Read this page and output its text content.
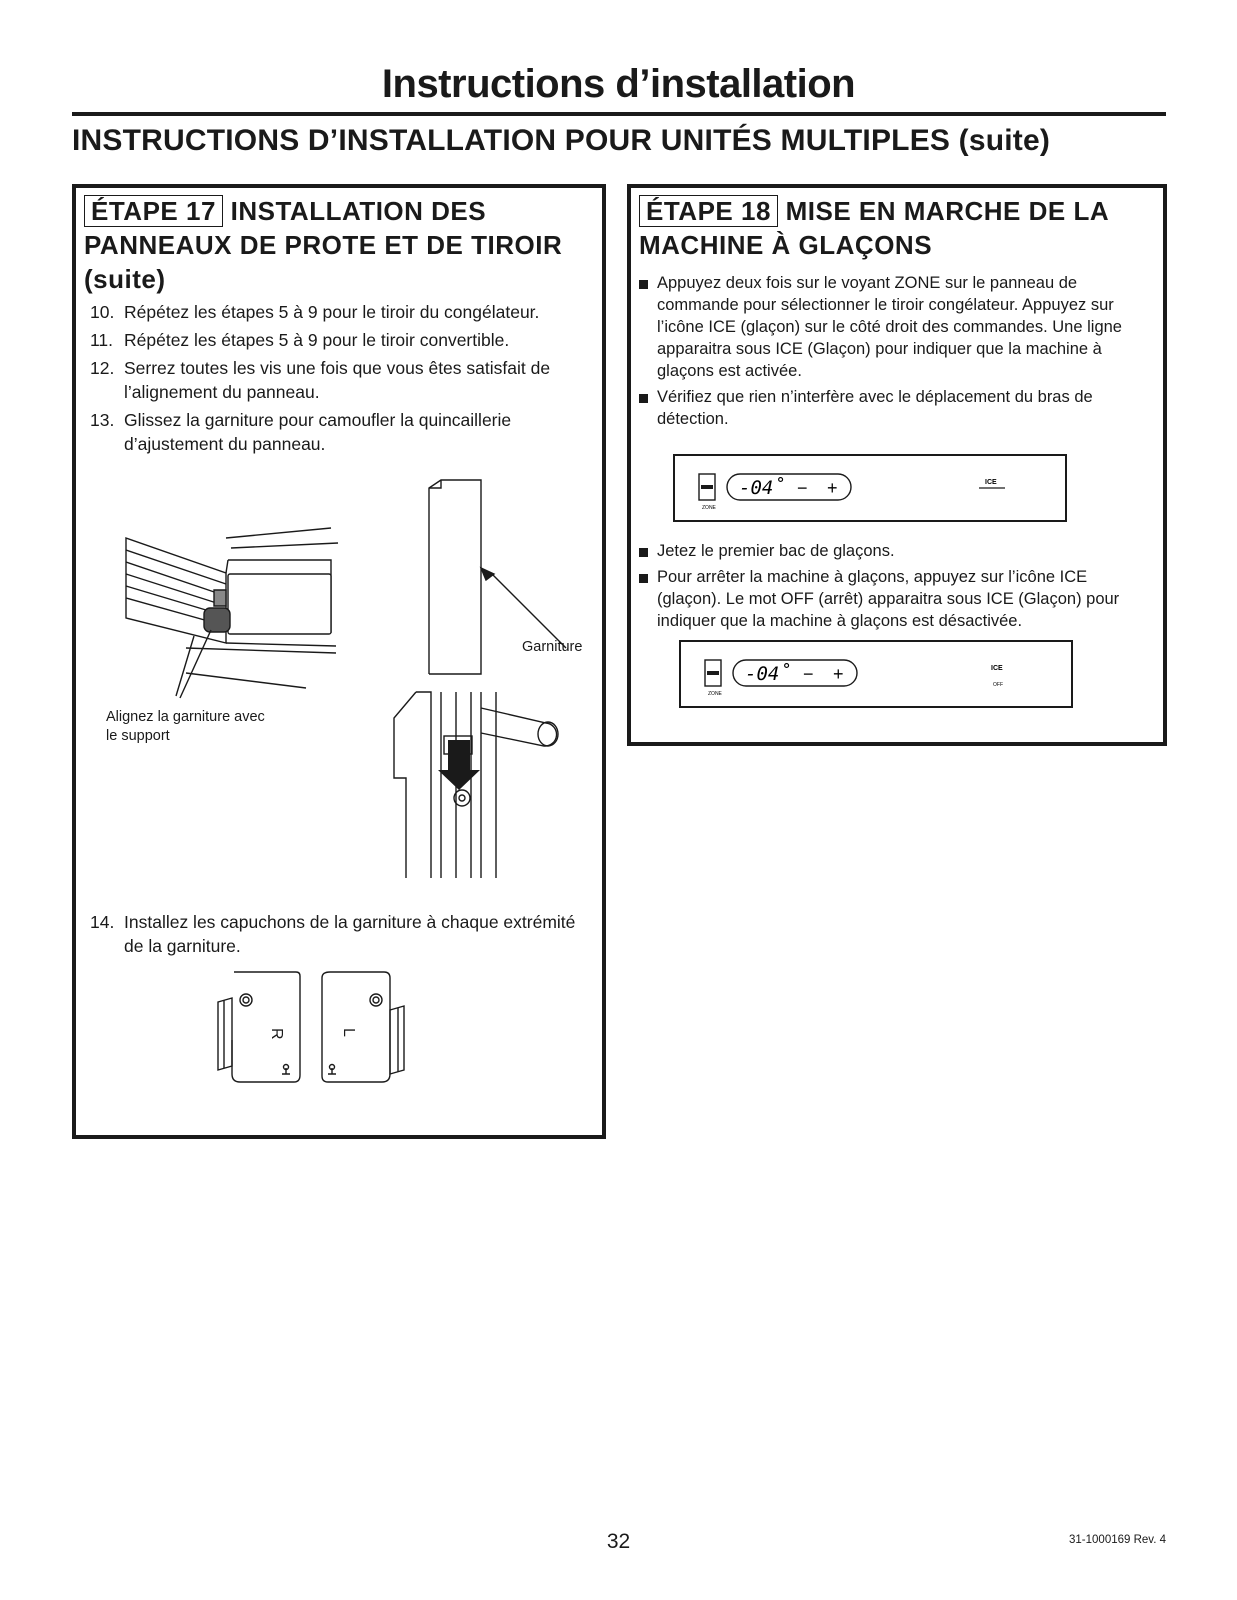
Instructions d’installation
INSTRUCTIONS D’INSTALLATION POUR UNITÉS MULTIPLES (suite)
ÉTAPE 17 INSTALLATION DES PANNEAUX DE PROTE ET DE TIROIR (suite)
10. Répétez les étapes 5 à 9 pour le tiroir du congélateur.
11. Répétez les étapes 5 à 9 pour le tiroir convertible.
12. Serrez toutes les vis une fois que vous êtes satisfait de l’alignement du panneau.
13. Glissez la garniture pour camoufler la quincaillerie d’ajustement du panneau.
Garniture
Alignez la garniture avec
le support
14. Installez les capuchons de la garniture à chaque extrémité de la garniture.
R	L
ÉTAPE 18 MISE EN MARCHE DE LA MACHINE À GLAÇONS
Appuyez deux fois sur le voyant ZONE sur le panneau de commande pour sélectionner le tiroir congélateur. Appuyez sur l’icône ICE (glaçon) sur le côté droit des commandes. Une ligne apparaitra sous ICE (Glaçon) pour indiquer que la machine à glaçons est activée.
Vérifiez que rien n’interfère avec le déplacement du bras de détection.
ZONE
-04˚ − +	ICE
Jetez le premier bac de glaçons.
Pour arrêter la machine à glaçons, appuyez sur l’icône ICE (glaçon). Le mot OFF (arrêt) apparaitra sous ICE (Glaçon) pour indiquer que la machine à glaçons est désactivée.
ZONE
-04˚ − +	ICE
OFF
32	31-1000169 Rev. 4
